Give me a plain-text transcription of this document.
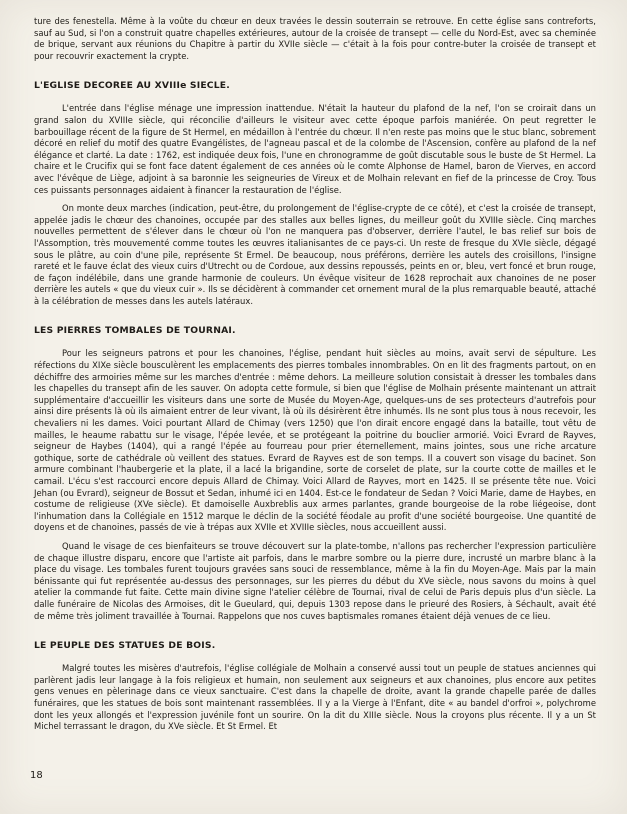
ture des fenestella. Même à la voûte du chœur en deux travées le dessin souterrain se retrouve. En cette église sans contreforts, sauf au Sud, si l'on a construit quatre chapelles extérieures, autour de la croisée de transept — celle du Nord-Est, avec sa cheminée de brique, servant aux réunions du Chapitre à partir du XVIIe siècle — c'était à la fois pour contre-buter la croisée de transept et pour recouvrir exactement la crypte.

L'EGLISE DECOREE AU XVIIIe SIECLE.

L'entrée dans l'église ménage une impression inattendue. N'était la hauteur du plafond de la nef, l'on se croirait dans un grand salon du XVIIIe siècle, qui réconcilie d'ailleurs le visiteur avec cette époque parfois maniérée. On peut regretter le barbouillage récent de la figure de St Hermel, en médaillon à l'entrée du chœur. Il n'en reste pas moins que le stuc blanc, sobrement décoré en relief du motif des quatre Evangélistes, de l'agneau pascal et de la colombe de l'Ascension, confère au plafond de la nef élégance et clarté. La date : 1762, est indiquée deux fois, l'une en chronogramme de goût discutable sous le buste de St Hermel. La chaire et le Crucifix qui se font face datent également de ces années où le comte Alphonse de Hamel, baron de Vierves, en accord avec l'évêque de Liège, adjoint à sa baronnie les seigneuries de Vireux et de Molhain relevant en fief de la princesse de Croy. Tous ces puissants personnages aidaient à financer la restauration de l'église.

On monte deux marches (indication, peut-être, du prolongement de l'église-crypte de ce côté), et c'est la croisée de transept, appelée jadis le chœur des chanoines, occupée par des stalles aux belles lignes, du meilleur goût du XVIIIe siècle. Cinq marches nouvelles permettent de s'élever dans le chœur où l'on ne manquera pas d'observer, derrière l'autel, le bas relief sur bois de l'Assomption, très mouvementé comme toutes les œuvres italianisantes de ce pays-ci. Un reste de fresque du XVIe siècle, dégagé sous le plâtre, au coin d'une pile, représente St Ermel. De beaucoup, nous préférons, derrière les autels des croisillons, l'insigne rareté et le fauve éclat des vieux cuirs d'Utrecht ou de Cordoue, aux dessins repoussés, peints en or, bleu, vert foncé et brun rouge, de façon indélébile, dans une grande harmonie de couleurs. Un évêque visiteur de 1628 reprochait aux chanoines de ne poser derrière les autels « que du vieux cuir ». Ils se décidèrent à commander cet ornement mural de la plus remarquable beauté, attaché à la célébration de messes dans les autels latéraux.

LES PIERRES TOMBALES DE TOURNAI.

Pour les seigneurs patrons et pour les chanoines, l'église, pendant huit siècles au moins, avait servi de sépulture. Les réfections du XIXe siècle bousculèrent les emplacements des pierres tombales innombrables. On en lit des fragments partout, on en déchiffre des armoiries même sur les marches d'entrée : même dehors. La meilleure solution consistait à dresser les tombales dans les chapelles du transept afin de les sauver. On adopta cette formule, si bien que l'église de Molhain présente maintenant un attrait supplémentaire d'accueillir les visiteurs dans une sorte de Musée du Moyen-Age, quelques-uns de ses protecteurs d'autrefois pour ainsi dire présents là où ils aimaient entrer de leur vivant, là où ils désirèrent être inhumés. Ils ne sont plus tous à nous recevoir, les chevaliers ni les dames. Voici pourtant Allard de Chimay (vers 1250) que l'on dirait encore engagé dans la bataille, tout vêtu de mailles, le heaume rabattu sur le visage, l'épée levée, et se protégeant la poitrine du bouclier armorié. Voici Evrard de Rayves, seigneur de Haybes (1404), qui a rangé l'épée au fourreau pour prier éternellement, mains jointes, sous une riche arcature gothique, sorte de cathédrale où veillent des statues. Evrard de Rayves est de son temps. Il a couvert son visage du bacinet. Son armure combinant l'haubergerie et la plate, il a lacé la brigandine, sorte de corselet de plate, sur la courte cotte de mailles et le camail. L'écu s'est raccourci encore depuis Allard de Chimay. Voici Allard de Rayves, mort en 1425. Il se présente tête nue. Voici Jehan (ou Evrard), seigneur de Bossut et Sedan, inhumé ici en 1404. Est-ce le fondateur de Sedan ? Voici Marie, dame de Haybes, en costume de religieuse (XVe siècle). Et damoiselle Auxbreblis aux armes parlantes, grande bourgeoise de la robe liégeoise, dont l'inhumation dans la Collégiale en 1512 marque le déclin de la société féodale au profit d'une société bourgeoise. Une quantité de doyens et de chanoines, passés de vie à trépas aux XVIIe et XVIIIe siècles, nous accueillent aussi.

Quand le visage de ces bienfaiteurs se trouve découvert sur la plate-tombe, n'allons pas rechercher l'expression particulière de chaque illustre disparu, encore que l'artiste ait parfois, dans le marbre sombre ou la pierre dure, incrusté un marbre blanc à la place du visage. Les tombales furent toujours gravées sans souci de ressemblance, même à la fin du Moyen-Age. Mais par la main bénissante qui fut représentée au-dessus des personnages, sur les pierres du début du XVe siècle, nous savons du moins à quel atelier la commande fut faite. Cette main divine signe l'atelier célèbre de Tournai, rival de celui de Paris depuis plus d'un siècle. La dalle funéraire de Nicolas des Armoises, dit le Gueulard, qui, depuis 1303 repose dans le prieuré des Rosiers, à Séchault, avait été de même très joliment travaillée à Tournai. Rappelons que nos cuves baptismales romanes étaient déjà venues de ce lieu.

LE PEUPLE DES STATUES DE BOIS.

Malgré toutes les misères d'autrefois, l'église collégiale de Molhain a conservé aussi tout un peuple de statues anciennes qui parlèrent jadis leur langage à la fois religieux et humain, non seulement aux seigneurs et aux chanoines, plus encore aux petites gens venues en pèlerinage dans ce vieux sanctuaire. C'est dans la chapelle de droite, avant la grande chapelle parée de dalles funéraires, que les statues de bois sont maintenant rassemblées. Il y a la Vierge à l'Enfant, dite « au bandel d'orfroi », polychrome dont les yeux allongés et l'expression juvénile font un sourire. On la dit du XIIIe siècle. Nous la croyons plus récente. Il y a un St Michel terrassant le dragon, du XVe siècle. Et St Ermel. Et

18
